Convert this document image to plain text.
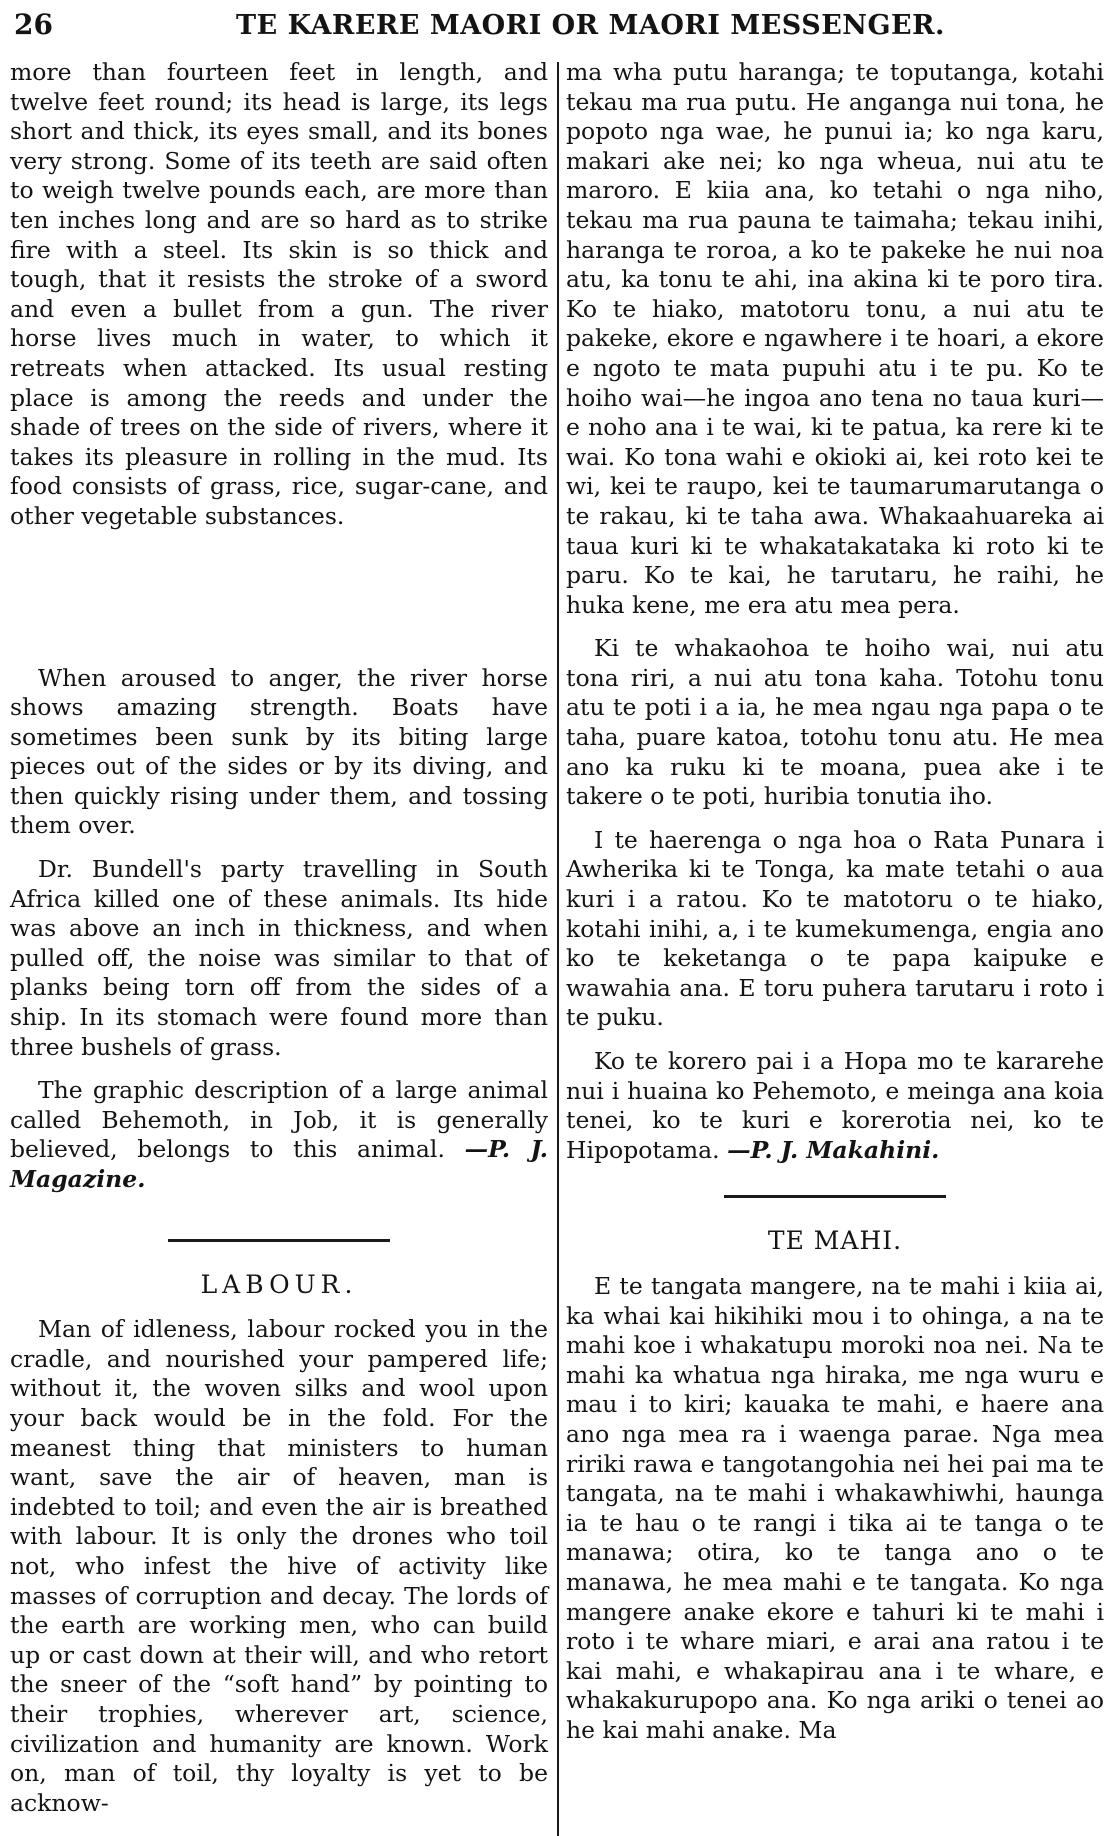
26	TE KARERE MAORI OR MAORI MESSENGER.

more than fourteen feet in length, and twelve feet round; its head is large, its legs short and thick, its eyes small, and its bones very strong. Some of its teeth are said often to weigh twelve pounds each, are more than ten inches long and are so hard as to strike fire with a steel. Its skin is so thick and tough, that it resists the stroke of a sword and even a bullet from a gun. The river horse lives much in water, to which it retreats when attacked. Its usual resting place is among the reeds and under the shade of trees on the side of rivers, where it takes its pleasure in rolling in the mud. Its food consists of grass, rice, sugar-cane, and other vegetable substances.

When aroused to anger, the river horse shows amazing strength. Boats have sometimes been sunk by its biting large pieces out of the sides or by its diving, and then quickly rising under them, and tossing them over.

Dr. Bundell's party travelling in South Africa killed one of these animals. Its hide was above an inch in thickness, and when pulled off, the noise was similar to that of planks being torn off from the sides of a ship. In its stomach were found more than three bushels of grass.

The graphic description of a large animal called Behemoth, in Job, it is generally believed, belongs to this animal. —P. J. Magazine.

LABOUR.

Man of idleness, labour rocked you in the cradle, and nourished your pampered life; without it, the woven silks and wool upon your back would be in the fold. For the meanest thing that ministers to human want, save the air of heaven, man is indebted to toil; and even the air is breathed with labour. It is only the drones who toil not, who infest the hive of activity like masses of corruption and decay. The lords of the earth are working men, who can build up or cast down at their will, and who retort the sneer of the “soft hand” by pointing to their trophies, wherever art, science, civilization and humanity are known. Work on, man of toil, thy loyalty is yet to be acknow-

ma wha putu haranga; te toputanga, kotahi tekau ma rua putu. He anganga nui tona, he popoto nga wae, he punui ia; ko nga karu, makari ake nei; ko nga wheua, nui atu te maroro. E kiia ana, ko tetahi o nga niho, tekau ma rua pauna te taimaha; tekau inihi, haranga te roroa, a ko te pakeke he nui noa atu, ka tonu te ahi, ina akina ki te poro tira. Ko te hiako, matotoru tonu, a nui atu te pakeke, ekore e ngawhere i te hoari, a ekore e ngoto te mata pupuhi atu i te pu. Ko te hoiho wai—he ingoa ano tena no taua kuri—e noho ana i te wai, ki te patua, ka rere ki te wai. Ko tona wahi e okioki ai, kei roto kei te wi, kei te raupo, kei te taumarumarutanga o te rakau, ki te taha awa. Whakaahuareka ai taua kuri ki te whakatakataka ki roto ki te paru. Ko te kai, he tarutaru, he raihi, he huka kene, me era atu mea pera.

Ki te whakaohoa te hoiho wai, nui atu tona riri, a nui atu tona kaha. Totohu tonu atu te poti i a ia, he mea ngau nga papa o te taha, puare katoa, totohu tonu atu. He mea ano ka ruku ki te moana, puea ake i te takere o te poti, huribia tonutia iho.

I te haerenga o nga hoa o Rata Punara i Awherika ki te Tonga, ka mate tetahi o aua kuri i a ratou. Ko te matotoru o te hiako, kotahi inihi, a, i te kumekumenga, engia ano ko te keketanga o te papa kaipuke e wawahia ana. E toru puhera tarutaru i roto i te puku.

Ko te korero pai i a Hopa mo te kararehe nui i huaina ko Pehemoto, e meinga ana koia tenei, ko te kuri e korerotia nei, ko te Hipopotama. —P. J. Makahini.

TE MAHI.

E te tangata mangere, na te mahi i kiia ai, ka whai kai hikihiki mou i to ohinga, a na te mahi koe i whakatupu moroki noa nei. Na te mahi ka whatua nga hiraka, me nga wuru e mau i to kiri; kauaka te mahi, e haere ana ano nga mea ra i waenga parae. Nga mea ririki rawa e tangotangohia nei hei pai ma te tangata, na te mahi i whakawhiwhi, haunga ia te hau o te rangi i tika ai te tanga o te manawa; otira, ko te tanga ano o te manawa, he mea mahi e te tangata. Ko nga mangere anake ekore e tahuri ki te mahi i roto i te whare miari, e arai ana ratou i te kai mahi, e whakapirau ana i te whare, e whakakurupopo ana. Ko nga ariki o tenei ao he kai mahi anake. Ma
